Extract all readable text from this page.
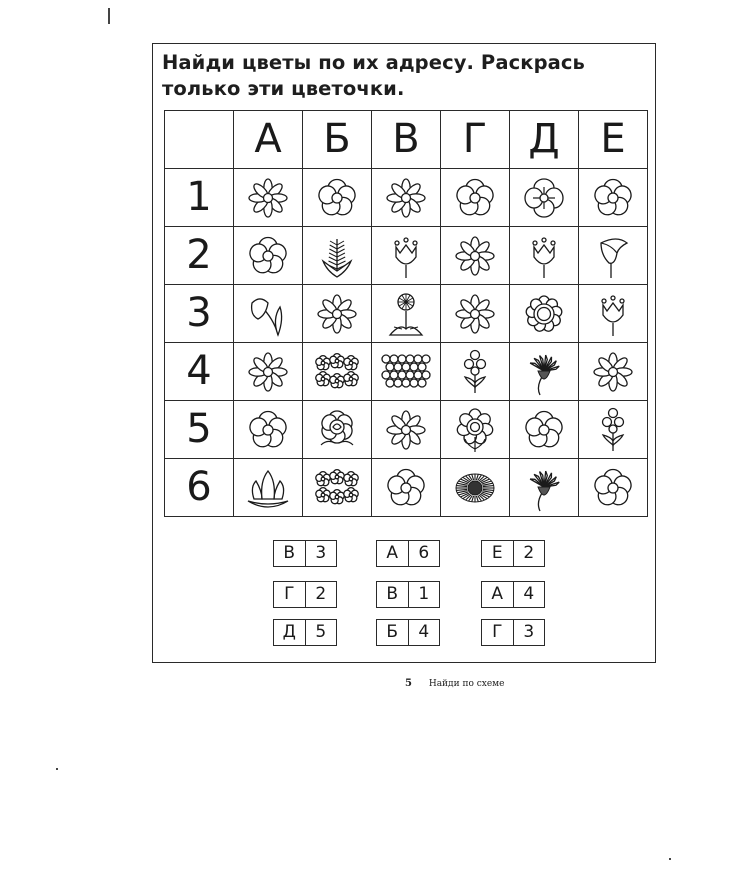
Найди цветы по их адресу. Раскрась только эти цветочки.

	А	Б	В	Г	Д	Е

1

2

3

4

5

6

В	3
Г	2
Д	5
А	6
В	1
Б	4
Е	2
А	4
Г	3
5 Найди по схеме
